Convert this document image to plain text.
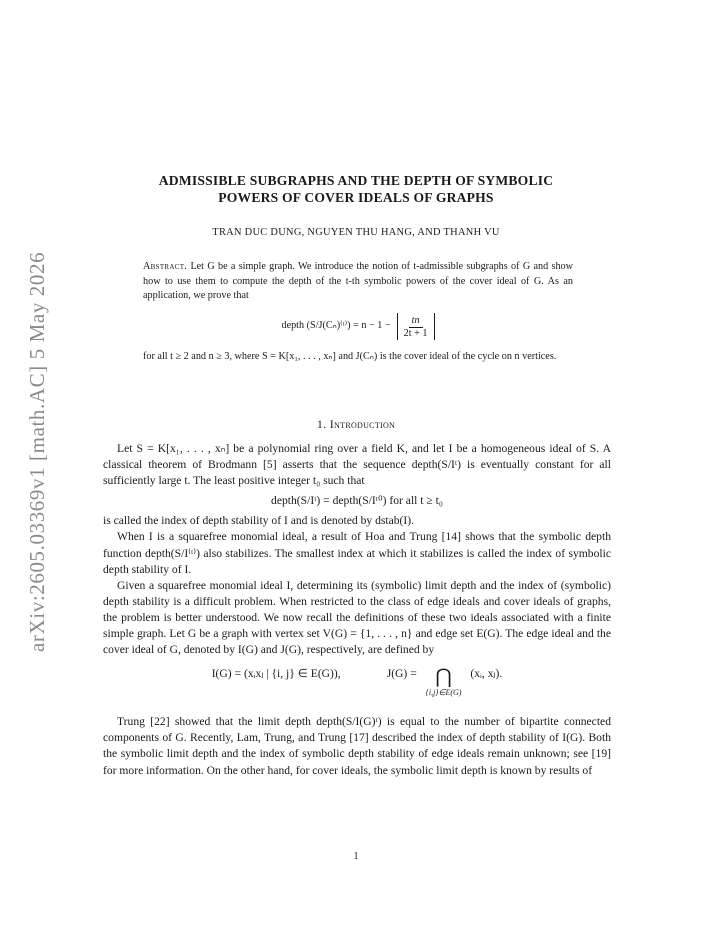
arXiv:2605.03369v1 [math.AC] 5 May 2026
ADMISSIBLE SUBGRAPHS AND THE DEPTH OF SYMBOLIC
POWERS OF COVER IDEALS OF GRAPHS
TRAN DUC DUNG, NGUYEN THU HANG, AND THANH VU

Abstract. Let G be a simple graph. We introduce the notion of t-admissible subgraphs of G and show how to use them to compute the depth of the t-th symbolic powers of the cover ideal of G. As an application, we prove that

depth (S/J(Cₙ)⁽ᵗ⁾) = $n - 1 - \frac{tn}{2t + 1}$

for all t ≥ 2 and n ≥ 3, where S = K[x₁, . . . , xₙ] and J(Cₙ) is the cover ideal of the cycle on n vertices.

1. Introduction

Let S = K[x₁, . . . , xₙ] be a polynomial ring over a field K, and let I be a homogeneous ideal of S. A classical theorem of Brodmann [5] asserts that the sequence depth(S/Iᵗ) is eventually constant for all sufficiently large t. The least positive integer t₀ such that

depth(S/Iᵗ) = depth(S/Iᵗ⁰) for all t ≥ t₀

is called the index of depth stability of I and is denoted by dstab(I).

When I is a squarefree monomial ideal, a result of Hoa and Trung [14] shows that the symbolic depth function depth(S/I⁽ᵗ⁾) also stabilizes. The smallest index at which it stabilizes is called the index of symbolic depth stability of I.

Given a squarefree monomial ideal I, determining its (symbolic) limit depth and the index of (symbolic) depth stability is a difficult problem. When restricted to the class of edge ideals and cover ideals of graphs, the problem is better understood. We now recall the definitions of these two ideals associated with a finite simple graph. Let G be a graph with vertex set V(G) = {1, . . . , n} and edge set E(G). The edge ideal and the cover ideal of G, denoted by I(G) and J(G), respectively, are defined by

I(G) = (xᵢxⱼ | {i, j} ∈ E(G)),	J(G) = ⋂
{i,j}∈E(G)
(xᵢ, xⱼ).

Trung [22] showed that the limit depth depth(S/I(G)ᵗ) is equal to the number of bipartite connected components of G. Recently, Lam, Trung, and Trung [17] described the index of depth stability of I(G). Both the symbolic limit depth and the index of symbolic depth stability of edge ideals remain unknown; see [19] for more information. On the other hand, for cover ideals, the symbolic limit depth is known by results of

1
